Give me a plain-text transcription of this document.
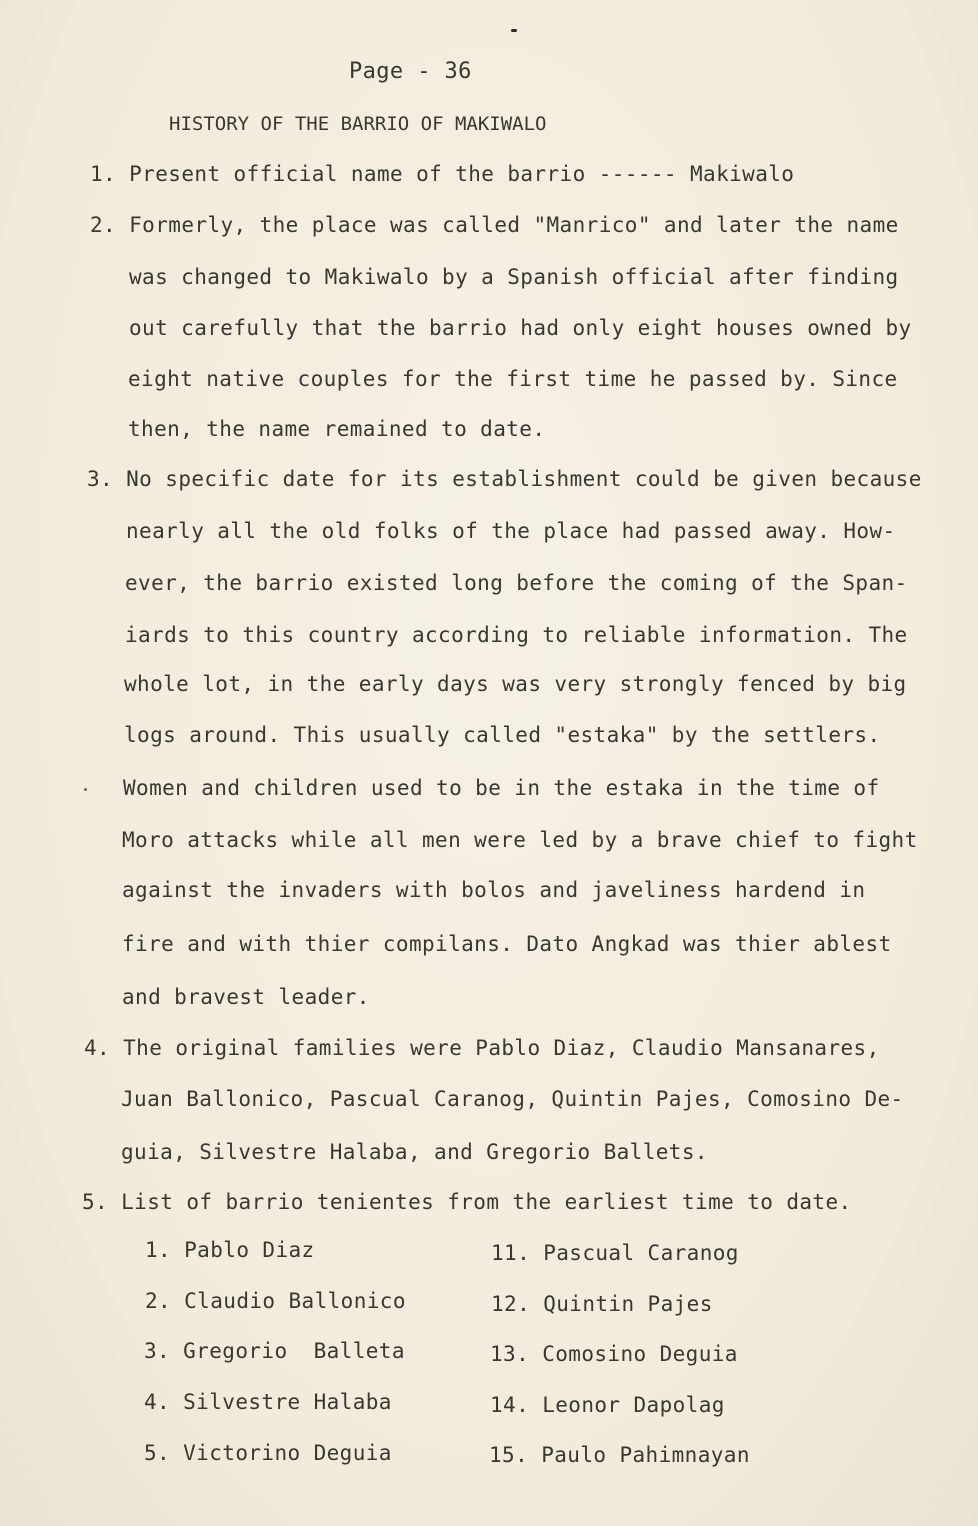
Page - 36
HISTORY OF THE BARRIO OF MAKIWALO
1. Present official name of the barrio ------ Makiwalo
2. Formerly, the place was called "Manrico" and later the name
was changed to Makiwalo by a Spanish official after finding
out carefully that the barrio had only eight houses owned by
eight native couples for the first time he passed by. Since
then, the name remained to date.
3. No specific date for its establishment could be given because
nearly all the old folks of the place had passed away. How-
ever, the barrio existed long before the coming of the Span-
iards to this country according to reliable information. The
whole lot, in the early days was very strongly fenced by big
logs around. This usually called "estaka" by the settlers.
Women and children used to be in the estaka in the time of
Moro attacks while all men were led by a brave chief to fight
against the invaders with bolos and javeliness hardend in
fire and with thier compilans. Dato Angkad was thier ablest
and bravest leader.
4. The original families were Pablo Diaz, Claudio Mansanares,
Juan Ballonico, Pascual Caranog, Quintin Pajes, Comosino De-
guia, Silvestre Halaba, and Gregorio Ballets.
5. List of barrio tenientes from the earliest time to date.
1. Pablo Diaz
2. Claudio Ballonico
3. Gregorio  Balleta
4. Silvestre Halaba
5. Victorino Deguia
11. Pascual Caranog
12. Quintin Pajes
13. Comosino Deguia
14. Leonor Dapolag
15. Paulo Pahimnayan
